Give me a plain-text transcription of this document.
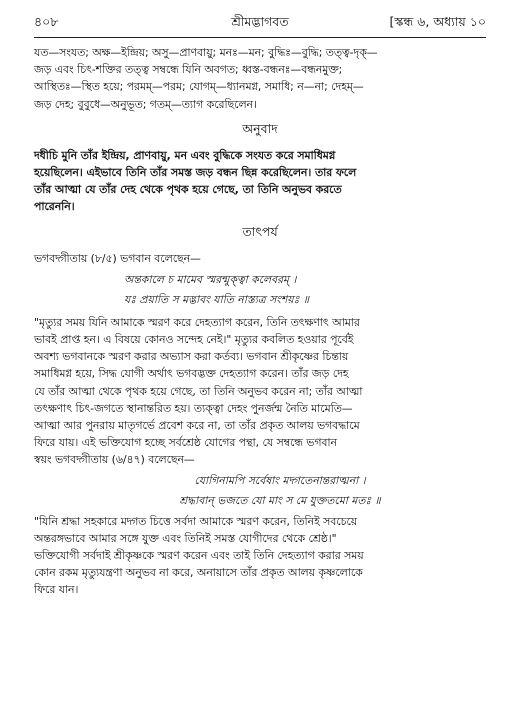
৪০৮	শ্রীমদ্ভাগবত	[স্কন্ধ ৬, অধ্যায় ১০

যত—সংযত; অক্ষ—ইন্দ্রিয়; অসু—প্রাণবায়ু; মনঃ—মন; বুদ্ধিঃ—বুদ্ধি; তত্ত্ব-দৃক্—

জড় এবং চিৎ-শক্তির তত্ত্ব সম্বন্ধে যিনি অবগত; ধ্বস্ত-বন্ধনঃ—বন্ধনমুক্ত;

আস্থিতঃ—স্থিত হয়ে; পরমম্—পরম; যোগম্—ধ্যানমগ্ন, সমাধি; ন—না; দেহম্—

জড় দেহ; বুবুধে—অনুভূত; গতম্—ত্যাগ করেছিলেন।

অনুবাদ

দধীচি মুনি তাঁর ইন্দ্রিয়, প্রাণবায়ু, মন এবং বুদ্ধিকে সংযত করে সমাধিমগ্ন

হয়েছিলেন। এইভাবে তিনি তাঁর সমস্ত জড় বন্ধন ছিন্ন করেছিলেন। তার ফলে

তাঁর আত্মা যে তাঁর দেহ থেকে পৃথক হয়ে গেছে, তা তিনি অনুভব করতে

পারেননি।

তাৎপর্য

ভগবদ্গীতায় (৮/৫) ভগবান বলেছেন—

অন্তকালে চ মামেব স্মরন্মুক্ত্বা কলেবরম্ ।

যঃ প্রয়াতি স মদ্ভাবং যাতি নাস্ত্যত্র সংশয়ঃ ॥

"মৃত্যুর সময় যিনি আমাকে স্মরণ করে দেহত্যাগ করেন, তিনি তৎক্ষণাৎ আমার

ভাবই প্রাপ্ত হন। এ বিষয়ে কোনও সন্দেহ নেই।" মৃত্যুর কবলিত হওয়ার পূর্বেই

অবশ্য ভগবানকে স্মরণ করার অভ্যাস করা কর্তব্য। ভগবান শ্রীকৃষ্ণের চিন্তায়

সমাধিমগ্ন হয়ে, সিদ্ধ যোগী অর্থাৎ ভগবদ্ভক্ত দেহত্যাগ করেন। তাঁর জড় দেহ

যে তাঁর আত্মা থেকে পৃথক হয়ে গেছে, তা তিনি অনুভব করেন না; তাঁর আত্মা

তৎক্ষণাৎ চিৎ-জগতে স্থানান্তরিত হয়। ত্যক্ত্বা দেহং পুনর্জন্ম নৈতি মামেতি—

আত্মা আর পুনরায় মাতৃগর্ভে প্রবেশ করে না, তা তাঁর প্রকৃত আলয় ভগবদ্ধামে

ফিরে যায়। এই ভক্তিযোগ হচ্ছে সর্বশ্রেষ্ঠ যোগের পন্থা, যে সম্বন্ধে ভগবান

স্বয়ং ভগবদ্গীতায় (৬/৪৭) বলেছেন—

যোগিনামপি সর্বেষাং মদ্গতেনান্তরাত্মনা ।

শ্রদ্ধাবান্ ভজতে যো মাং স মে যুক্ততমো মতঃ ॥

"যিনি শ্রদ্ধা সহকারে মদ্গত চিত্তে সর্বদা আমাকে স্মরণ করেন, তিনিই সবচেয়ে

অন্তরঙ্গভাবে আমার সঙ্গে যুক্ত এবং তিনিই সমস্ত যোগীদের থেকে শ্রেষ্ঠ।"

ভক্তিযোগী সর্বদাই শ্রীকৃষ্ণকে স্মরণ করেন এবং তাই তিনি দেহত্যাগ করার সময়

কোন রকম মৃত্যুযন্ত্রণা অনুভব না করে, অনায়াসে তাঁর প্রকৃত আলয় কৃষ্ণলোকে

ফিরে যান।
